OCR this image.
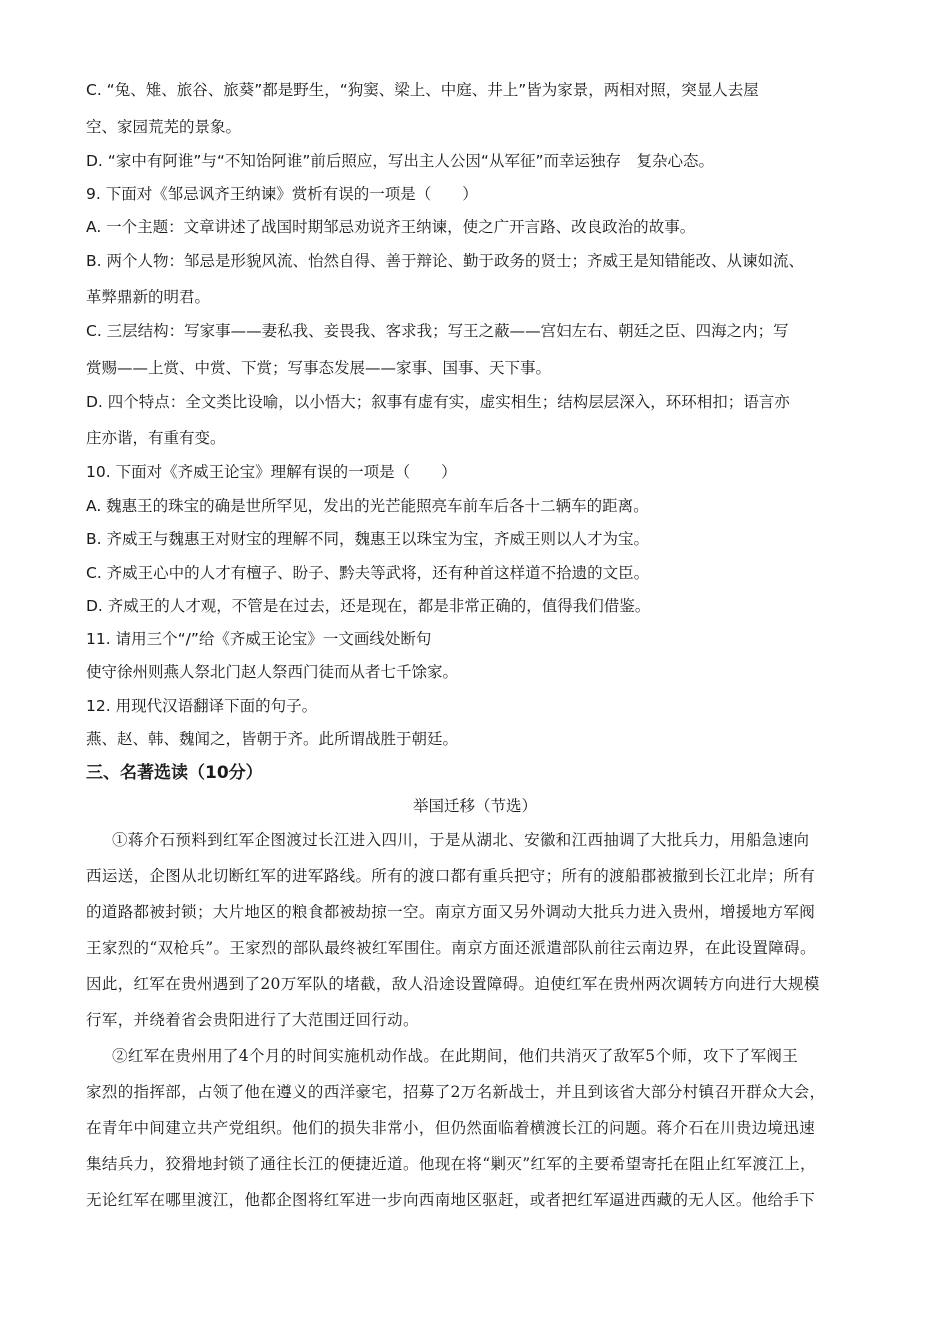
C. “兔、雉、旅谷、旅葵”都是野生，“狗窦、梁上、中庭、井上”皆为家景，两相对照，突显人去屋
空、家园荒芜的景象。
D. “家中有阿谁”与“不知饴阿谁”前后照应，写出主人公因“从军征”而幸运独存　复杂心态。
9. 下面对《邹忌讽齐王纳谏》赏析有误的一项是（　　）
A. 一个主题：文章讲述了战国时期邹忌劝说齐王纳谏，使之广开言路、改良政治的故事。
B. 两个人物：邹忌是形貌风流、怡然自得、善于辩论、勤于政务的贤士；齐威王是知错能改、从谏如流、
革弊鼎新的明君。
C. 三层结构：写家事——妻私我、妾畏我、客求我；写王之蔽——宫妇左右、朝廷之臣、四海之内；写
赏赐——上赏、中赏、下赏；写事态发展——家事、国事、天下事。
D. 四个特点：全文类比设喻，以小悟大；叙事有虚有实，虚实相生；结构层层深入，环环相扣；语言亦
庄亦谐，有重有变。
10. 下面对《齐威王论宝》理解有误的一项是（　　）
A. 魏惠王的珠宝的确是世所罕见，发出的光芒能照亮车前车后各十二辆车的距离。
B. 齐威王与魏惠王对财宝的理解不同，魏惠王以珠宝为宝，齐威王则以人才为宝。
C. 齐威王心中的人才有檀子、盼子、黔夫等武将，还有种首这样道不拾遗的文臣。
D. 齐威王的人才观，不管是在过去，还是现在，都是非常正确的，值得我们借鉴。
11. 请用三个“/”给《齐威王论宝》一文画线处断句
使守徐州则燕人祭北门赵人祭西门徒而从者七千馀家。
12. 用现代汉语翻译下面的句子。
燕、赵、韩、魏闻之，皆朝于齐。此所谓战胜于朝廷。
三、名著选读（10分）
举国迁移（节选）
①蒋介石预料到红军企图渡过长江进入四川，于是从湖北、安徽和江西抽调了大批兵力，用船急速向
西运送，企图从北切断红军的进军路线。所有的渡口都有重兵把守；所有的渡船郡被撤到长江北岸；所有
的道路都被封锁；大片地区的粮食都被劫掠一空。南京方面又另外调动大批兵力进入贵州，增援地方军阀
王家烈的“双枪兵”。王家烈的部队最终被红军围住。南京方面还派遣部队前往云南边界，在此设置障碍。
因此，红军在贵州遇到了20万军队的堵截，敌人沿途设置障碍。迫使红军在贵州两次调转方向进行大规模
行军，并绕着省会贵阳进行了大范围迂回行动。
②红军在贵州用了4个月的时间实施机动作战。在此期间，他们共消灭了敌军5个师，攻下了军阀王
家烈的指挥部，占领了他在遵义的西洋豪宅，招募了2万名新战士，并且到该省大部分村镇召开群众大会，
在青年中间建立共产党组织。他们的损失非常小，但仍然面临着横渡长江的问题。蒋介石在川贵边境迅速
集结兵力，狡猾地封锁了通往长江的便捷近道。他现在将“剿灭”红军的主要希望寄托在阻止红军渡江上，
无论红军在哪里渡江，他都企图将红军进一步向西南地区驱赶，或者把红军逼进西藏的无人区。他给手下
